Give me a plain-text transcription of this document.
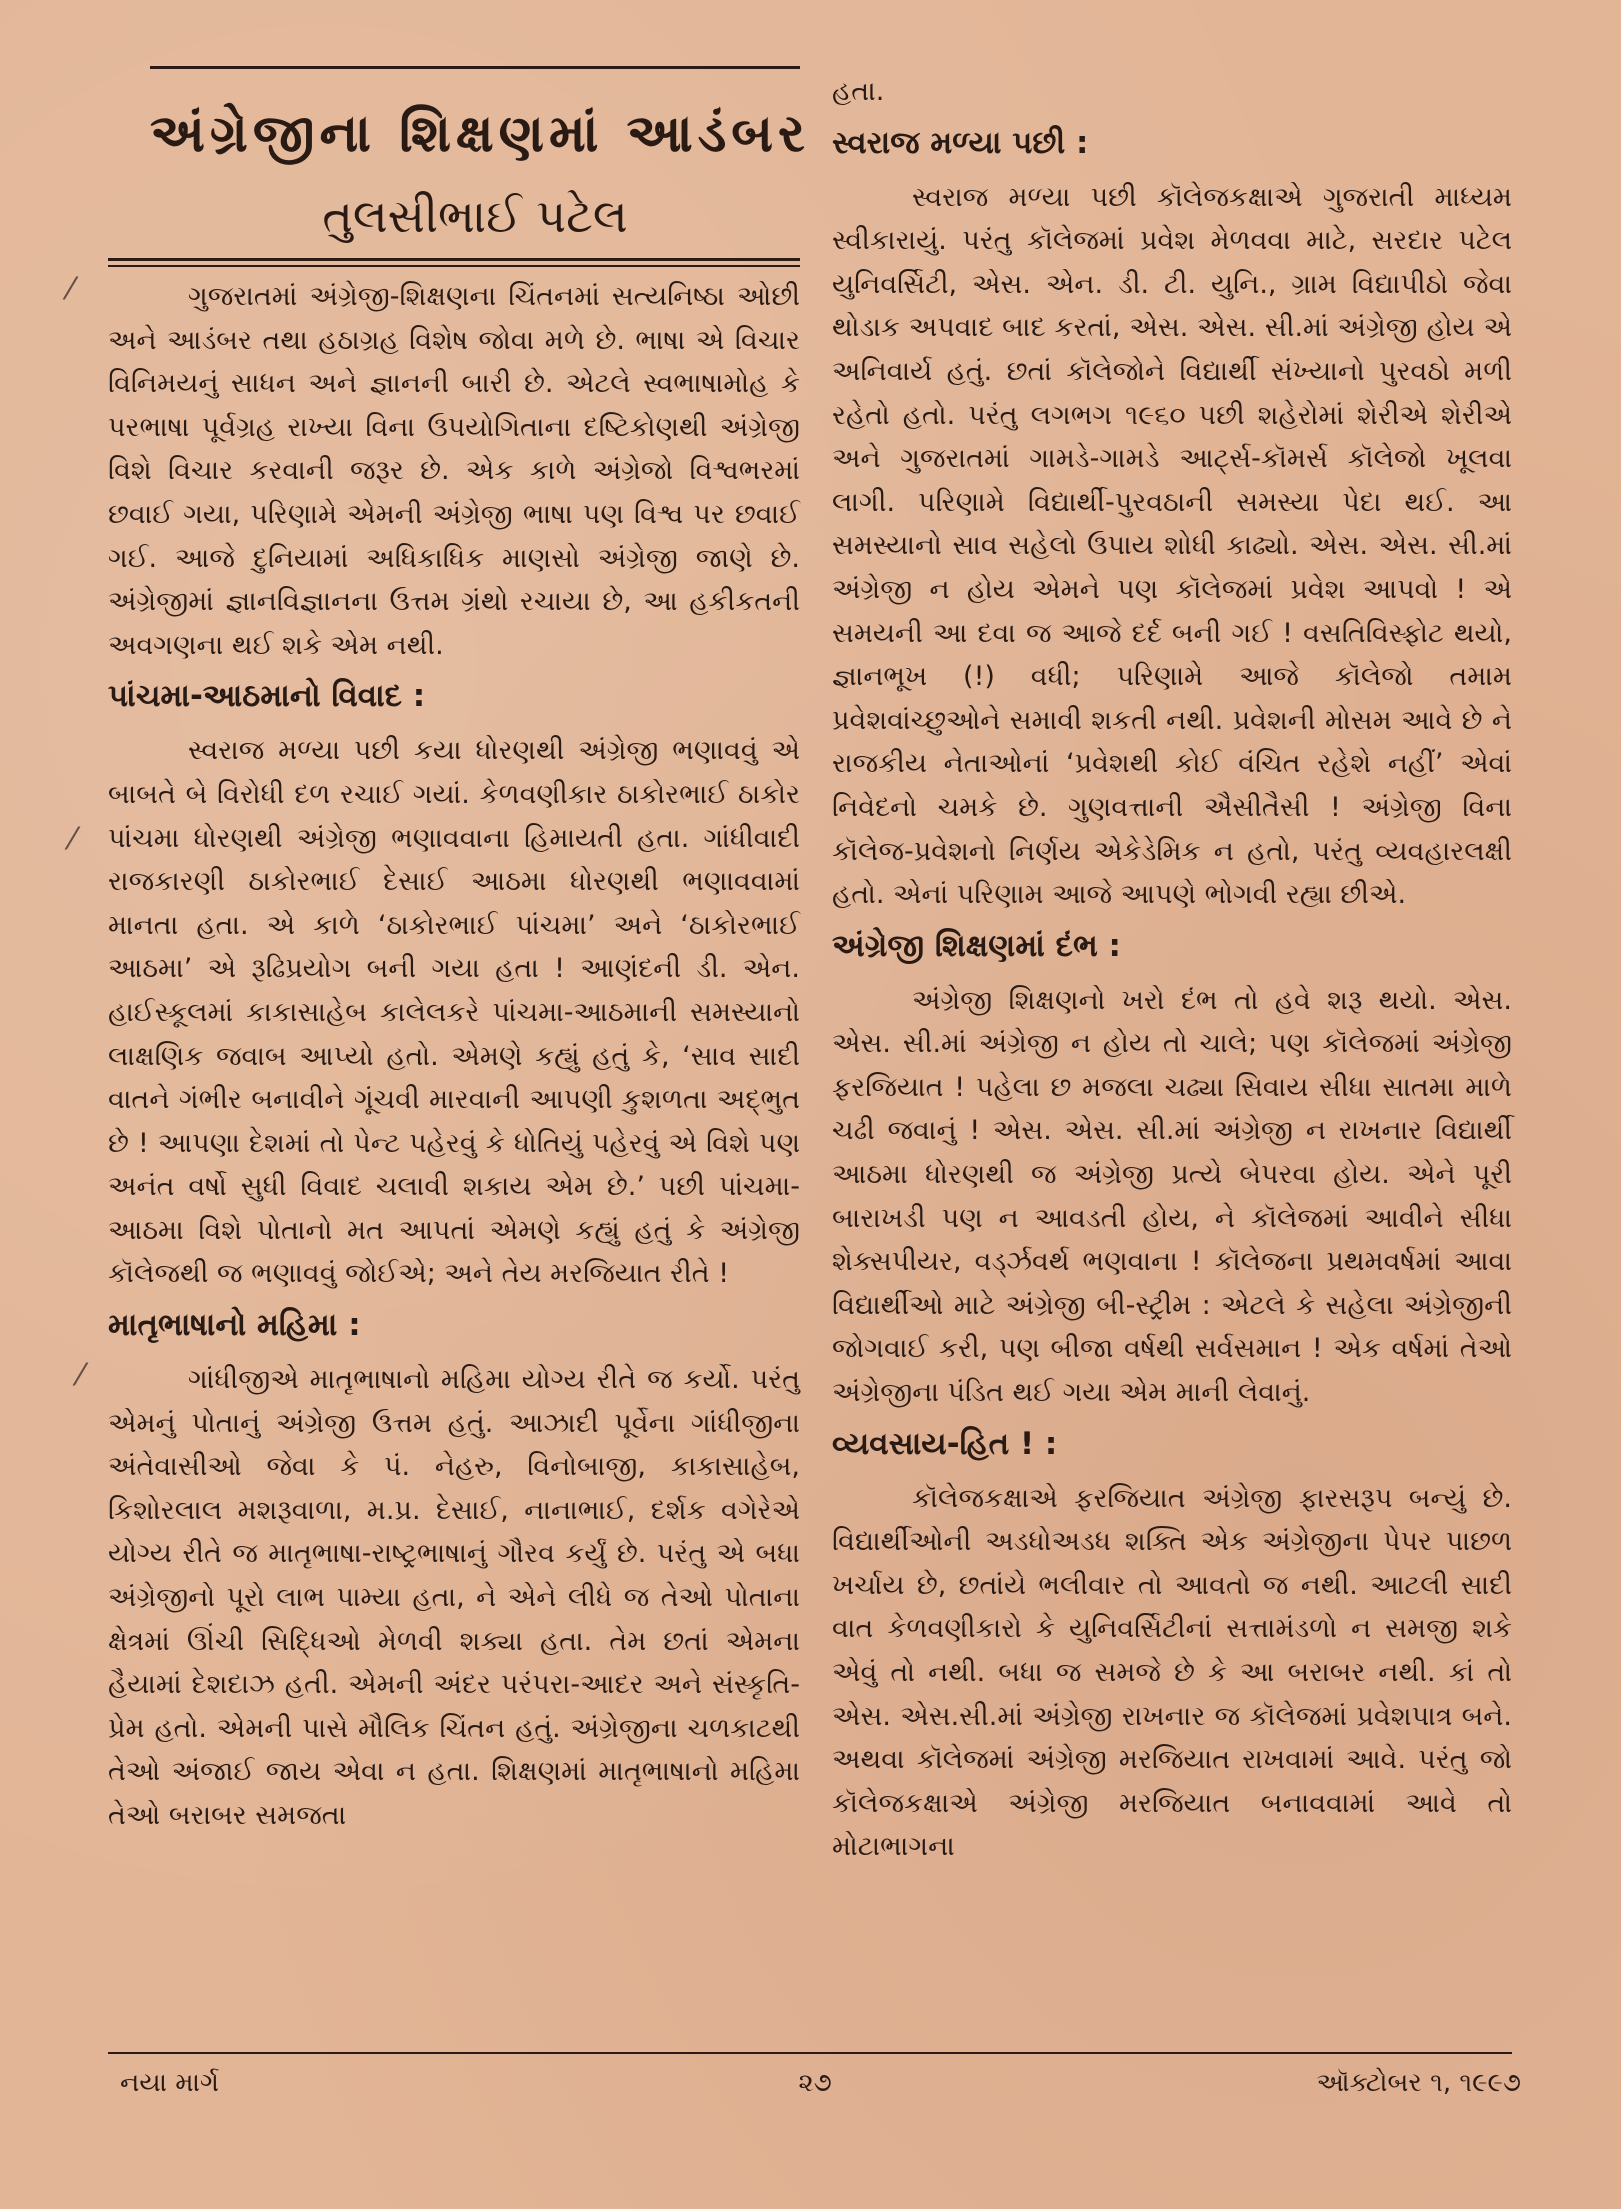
અંગ્રેજીના શિક્ષણમાં આડંબર
તુલસીભાઈ પટેલ

ગુજરાતમાં અંગ્રેજી-શિક્ષણના ચિંતનમાં સત્યનિષ્ઠા ઓછી અને આડંબર તથા હઠાગ્રહ વિશેષ જોવા મળે છે. ભાષા એ વિચાર વિનિમયનું સાધન અને જ્ઞાનની બારી છે. એટલે સ્વભાષામોહ કે પરભાષા પૂર્વગ્રહ રાખ્યા વિના ઉપયોગિતાના દષ્ટિકોણથી અંગ્રેજી વિશે વિચાર કરવાની જરૂર છે. એક કાળે અંગ્રેજો વિશ્વભરમાં છવાઈ ગયા, પરિણામે એમની અંગ્રેજી ભાષા પણ વિશ્વ પર છવાઈ ગઈ. આજે દુનિયામાં અધિકાધિક માણસો અંગ્રેજી જાણે છે. અંગ્રેજીમાં જ્ઞાનવિજ્ઞાનના ઉત્તમ ગ્રંથો રચાયા છે, આ હકીકતની અવગણના થઈ શકે એમ નથી.

પાંચમા-આઠમાનો વિવાદ :

સ્વરાજ મળ્યા પછી કયા ધોરણથી અંગ્રેજી ભણાવવું એ બાબતે બે વિરોધી દળ રચાઈ ગયાં. કેળવણીકાર ઠાકોરભાઈ ઠાકોર પાંચમા ધોરણથી અંગ્રેજી ભણાવવાના હિમાયતી હતા. ગાંધીવાદી રાજકારણી ઠાકોરભાઈ દેસાઈ આઠમા ધોરણથી ભણાવવામાં માનતા હતા. એ કાળે ‘ઠાકોરભાઈ પાંચમા’ અને ‘ઠાકોરભાઈ આઠમા’ એ રૂઢિપ્રયોગ બની ગયા હતા ! આણંદની ડી. એન. હાઈસ્કૂલમાં કાકાસાહેબ કાલેલકરે પાંચમા-આઠમાની સમસ્યાનો લાક્ષણિક જવાબ આપ્યો હતો. એમણે કહ્યું હતું કે, ‘સાવ સાદી વાતને ગંભીર બનાવીને ગૂંચવી મારવાની આપણી કુશળતા અદ્ભુત છે ! આપણા દેશમાં તો પેન્ટ પહેરવું કે ધોતિયું પહેરવું એ વિશે પણ અનંત વર્ષો સુધી વિવાદ ચલાવી શકાય એમ છે.’ પછી પાંચમા-આઠમા વિશે પોતાનો મત આપતાં એમણે કહ્યું હતું કે અંગ્રેજી કૉલેજથી જ ભણાવવું જોઈએ; અને તેય મરજિયાત રીતે !

માતૃભાષાનો મહિમા :

ગાંધીજીએ માતૃભાષાનો મહિમા યોગ્ય રીતે જ કર્યો. પરંતુ એમનું પોતાનું અંગ્રેજી ઉત્તમ હતું. આઝાદી પૂર્વેના ગાંધીજીના અંતેવાસીઓ જેવા કે પં. નેહરુ, વિનોબાજી, કાકાસાહેબ, કિશોરલાલ મશરૂવાળા, મ.પ્ર. દેસાઈ, નાનાભાઈ, દર્શક વગેરેએ યોગ્ય રીતે જ માતૃભાષા-રાષ્ટ્રભાષાનું ગૌરવ કર્યું છે. પરંતુ એ બધા અંગ્રેજીનો પૂરો લાભ પામ્યા હતા, ને એને લીધે જ તેઓ પોતાના ક્ષેત્રમાં ઊંચી સિદ્ધિઓ મેળવી શક્યા હતા. તેમ છતાં એમના હૈયામાં દેશદાઝ હતી. એમની અંદર પરંપરા-આદર અને સંસ્કૃતિ-પ્રેમ હતો. એમની પાસે મૌલિક ચિંતન હતું. અંગ્રેજીના ચળકાટથી તેઓ અંજાઈ જાય એવા ન હતા. શિક્ષણમાં માતૃભાષાનો મહિમા તેઓ બરાબર સમજતા

હતા.

સ્વરાજ મળ્યા પછી :

સ્વરાજ મળ્યા પછી કૉલેજકક્ષાએ ગુજરાતી માધ્યમ સ્વીકારાયું. પરંતુ કૉલેજમાં પ્રવેશ મેળવવા માટે, સરદાર પટેલ યુનિવર્સિટી, એસ. એન. ડી. ટી. યુનિ., ગ્રામ વિદ્યાપીઠો જેવા થોડાક અપવાદ બાદ કરતાં, એસ. એસ. સી.માં અંગ્રેજી હોય એ અનિવાર્ય હતું. છતાં કૉલેજોને વિદ્યાર્થી સંખ્યાનો પુરવઠો મળી રહેતો હતો. પરંતુ લગભગ ૧૯૬૦ પછી શહેરોમાં શેરીએ શેરીએ અને ગુજરાતમાં ગામડે-ગામડે આર્ટ્સ-કૉમર્સ કૉલેજો ખૂલવા લાગી. પરિણામે વિદ્યાર્થી-પુરવઠાની સમસ્યા પેદા થઈ. આ સમસ્યાનો સાવ સહેલો ઉપાય શોધી કાઢ્યો. એસ. એસ. સી.માં અંગ્રેજી ન હોય એમને પણ કૉલેજમાં પ્રવેશ આપવો ! એ સમયની આ દવા જ આજે દર્દ બની ગઈ ! વસતિવિસ્ફોટ થયો, જ્ઞાનભૂખ (!) વધી; પરિણામે આજે કૉલેજો તમામ પ્રવેશવાંચ્છુઓને સમાવી શકતી નથી. પ્રવેશની મોસમ આવે છે ને રાજકીય નેતાઓનાં ‘પ્રવેશથી કોઈ વંચિત રહેશે નહીં’ એવાં નિવેદનો ચમકે છે. ગુણવત્તાની ઐસીતૈસી ! અંગ્રેજી વિના કૉલેજ-પ્રવેશનો નિર્ણય એકેડેમિક ન હતો, પરંતુ વ્યવહારલક્ષી હતો. એનાં પરિણામ આજે આપણે ભોગવી રહ્યા છીએ.

અંગ્રેજી શિક્ષણમાં દંભ :

અંગ્રેજી શિક્ષણનો ખરો દંભ તો હવે શરૂ થયો. એસ. એસ. સી.માં અંગ્રેજી ન હોય તો ચાલે; પણ કૉલેજમાં અંગ્રેજી ફરજિયાત ! પહેલા છ મજલા ચઢ્યા સિવાય સીધા સાતમા માળે ચઢી જવાનું ! એસ. એસ. સી.માં અંગ્રેજી ન રાખનાર વિદ્યાર્થી આઠમા ધોરણથી જ અંગ્રેજી પ્રત્યે બેપરવા હોય. એને પૂરી બારાખડી પણ ન આવડતી હોય, ને કૉલેજમાં આવીને સીધા શેક્સપીયર, વર્ડ્ઝવર્થ ભણવાના ! કૉલેજના પ્રથમવર્ષમાં આવા વિદ્યાર્થીઓ માટે અંગ્રેજી બી-સ્ટ્રીમ : એટલે કે સહેલા અંગ્રેજીની જોગવાઈ કરી, પણ બીજા વર્ષથી સર્વસમાન ! એક વર્ષમાં તેઓ અંગ્રેજીના પંડિત થઈ ગયા એમ માની લેવાનું.

વ્યવસાય-હિત ! :

કૉલેજકક્ષાએ ફરજિયાત અંગ્રેજી ફારસરૂપ બન્યું છે. વિદ્યાર્થીઓની અડધોઅડધ શક્તિ એક અંગ્રેજીના પેપર પાછળ ખર્ચાય છે, છતાંયે ભલીવાર તો આવતો જ નથી. આટલી સાદી વાત કેળવણીકારો કે યુનિવર્સિટીનાં સત્તામંડળો ન સમજી શકે એવું તો નથી. બધા જ સમજે છે કે આ બરાબર નથી. કાં તો એસ. એસ.સી.માં અંગ્રેજી રાખનાર જ કૉલેજમાં પ્રવેશપાત્ર બને. અથવા કૉલેજમાં અંગ્રેજી મરજિયાત રાખવામાં આવે. પરંતુ જો કૉલેજકક્ષાએ અંગ્રેજી મરજિયાત બનાવવામાં આવે તો મોટાભાગના

⁄
⁄
⁄
નયા માર્ગ	૨૭	ઑક્ટોબર ૧, ૧૯૯૭
